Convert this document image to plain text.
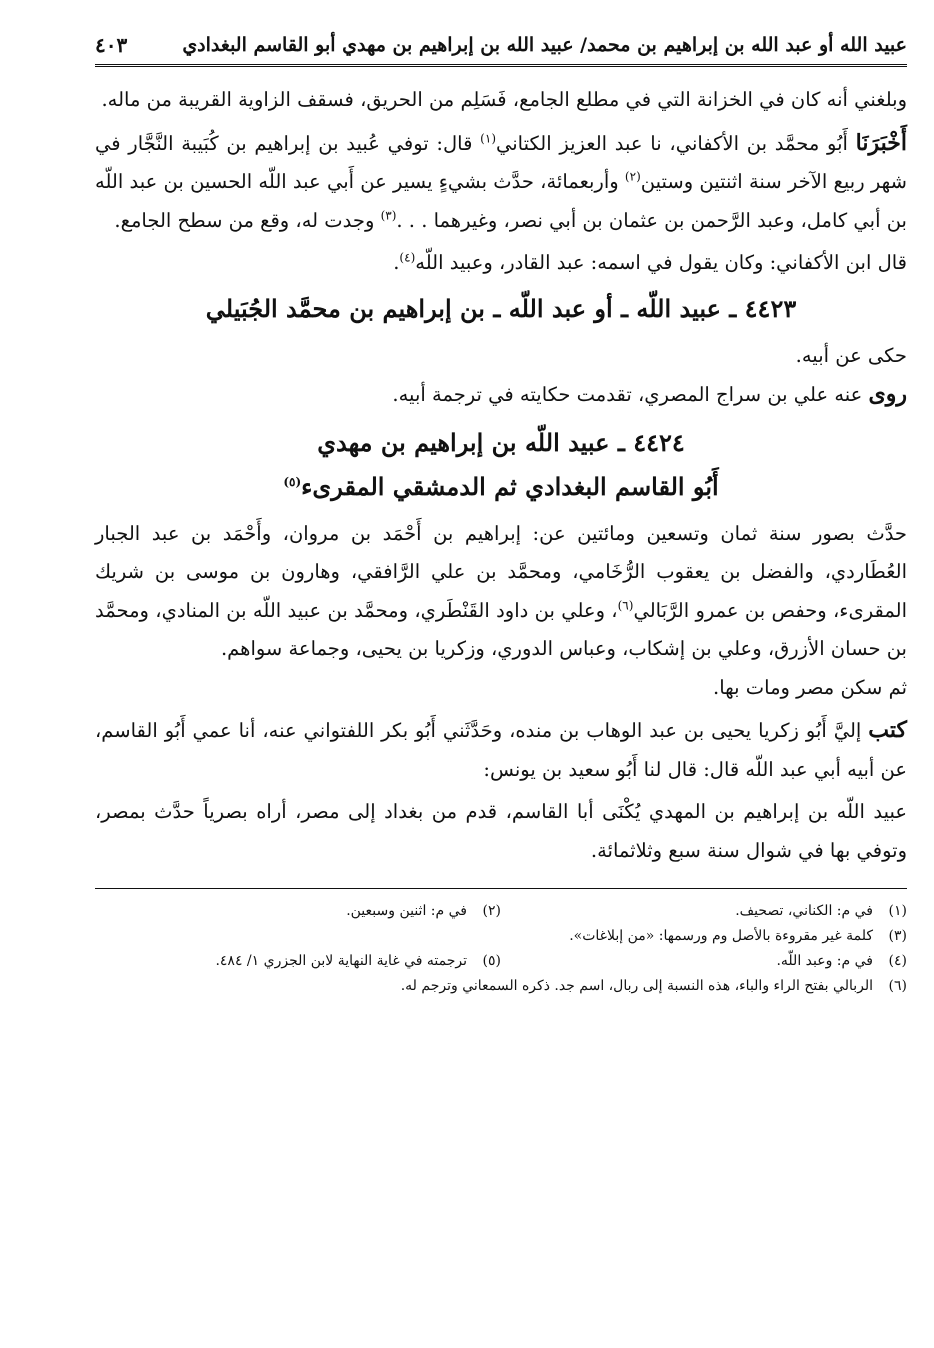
عبيد الله أو عبد الله بن إبراهيم بن محمد/ عبيد الله بن إبراهيم بن مهدي أبو القاسم البغدادي
٤٠٣

وبلغني أنه كان في الخزانة التي في مطلع الجامع، فَسَلِم من الحريق، فسقف الزاوية القريبة من ماله.

أَخْبَرَنَا أَبُو محمَّد بن الأكفاني، نا عبد العزيز الكتاني$^{(١)}$ قال: توفي عُبيد بن إبراهيم بن كُبَيبة النَّجَّار في شهر ربيع الآخر سنة اثنتين وستين$^{(٢)}$ وأربعمائة، حدَّث بشيءٍ يسير عن أَبي عبد اللّه الحسين بن عبد اللّه بن أبي كامل، وعبد الرَّحمن بن عثمان بن أبي نصر، وغيرهما . . .$^{(٣)}$ وجدت له، وقع من سطح الجامع.

قال ابن الأكفاني: وكان يقول في اسمه: عبد القادر، وعبيد اللّه$^{(٤)}$.

٤٤٢٣ ـ عبيد اللّه ـ أو عبد اللّه ـ بن إبراهيم بن محمَّد الجُبَيلي

حكى عن أبيه.

روى عنه علي بن سراج المصري، تقدمت حكايته في ترجمة أبيه.

٤٤٢٤ ـ عبيد اللّه بن إبراهيم بن مهدي
أَبُو القاسم البغدادي ثم الدمشقي المقرىء$^{(٥)}$

حدَّث بصور سنة ثمان وتسعين ومائتين عن: إبراهيم بن أَحْمَد بن مروان، وأَحْمَد بن عبد الجبار العُطَاردي، والفضل بن يعقوب الرُّخَامي، ومحمَّد بن علي الرَّافقي، وهارون بن موسى بن شريك المقرىء، وحفص بن عمرو الرَّبَالي$^{(٦)}$، وعلي بن داود القَنْطَري، ومحمَّد بن عبيد اللّه بن المنادي، ومحمَّد بن حسان الأزرق، وعلي بن إشكاب، وعباس الدوري، وزكريا بن يحيى، وجماعة سواهم.

ثم سكن مصر ومات بها.

كتب إليَّ أَبُو زكريا يحيى بن عبد الوهاب بن منده، وحَدَّثَني أَبُو بكر اللفتواني عنه، أنا عمي أَبُو القاسم، عن أبيه أبي عبد اللّه قال: قال لنا أَبُو سعيد بن يونس:

عبيد اللّه بن إبراهيم بن المهدي يُكْنَى أبا القاسم، قدم من بغداد إلى مصر، أراه بصرياً حدَّث بمصر، وتوفي بها في شوال سنة سبع وثلاثمائة.

(١)
في م: الكناني، تصحيف.
(٢)
في م: اثنين وسبعين.
(٣)
كلمة غير مقروءة بالأصل وم ورسمها: «من إبلاغات».
(٤)
في م: وعبد اللّه.
(٥)
ترجمته في غاية النهاية لابن الجزري ١/ ٤٨٤.
(٦)
الربالي بفتح الراء والباء، هذه النسبة إلى ربال، اسم جد. ذكره السمعاني وترجم له.
